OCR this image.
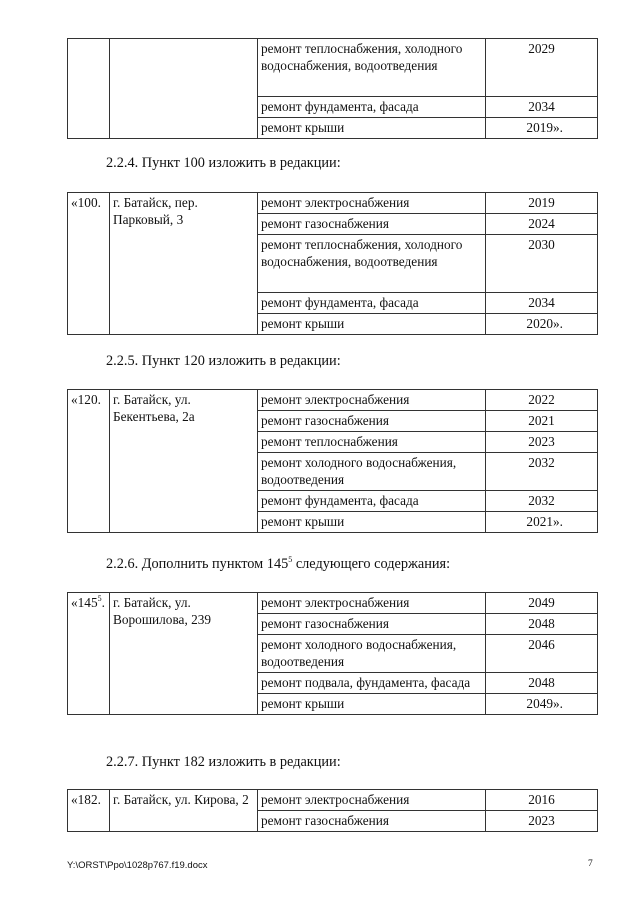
		ремонт теплоснабжения, холодного водоснабжения, водоотведения	2029
		ремонт фундамента, фасада	2034
		ремонт крыши	2019».
2.2.4. Пункт 100 изложить в редакции:
«100.	г. Батайск, пер. Парковый, 3	ремонт электроснабжения	2019
		ремонт газоснабжения	2024
		ремонт теплоснабжения, холодного водоснабжения, водоотведения	2030
		ремонт фундамента, фасада	2034
		ремонт крыши	2020».
2.2.5. Пункт 120 изложить в редакции:
«120.	г. Батайск, ул. Бекентьева, 2а	ремонт электроснабжения	2022
		ремонт газоснабжения	2021
		ремонт теплоснабжения	2023
		ремонт холодного водоснабжения, водоотведения	2032
		ремонт фундамента, фасада	2032
		ремонт крыши	2021».
2.2.6. Дополнить пунктом $145^5$ следующего содержания:
«$145^5$.	г. Батайск, ул. Ворошилова, 239	ремонт электроснабжения	2049
		ремонт газоснабжения	2048
		ремонт холодного водоснабжения, водоотведения	2046
		ремонт подвала, фундамента, фасада	2048
		ремонт крыши	2049».
2.2.7. Пункт 182 изложить в редакции:
«182.	г. Батайск, ул. Кирова, 2	ремонт электроснабжения	2016
		ремонт газоснабжения	2023
Y:\ORST\Ppo\1028p767.f19.docx	7
